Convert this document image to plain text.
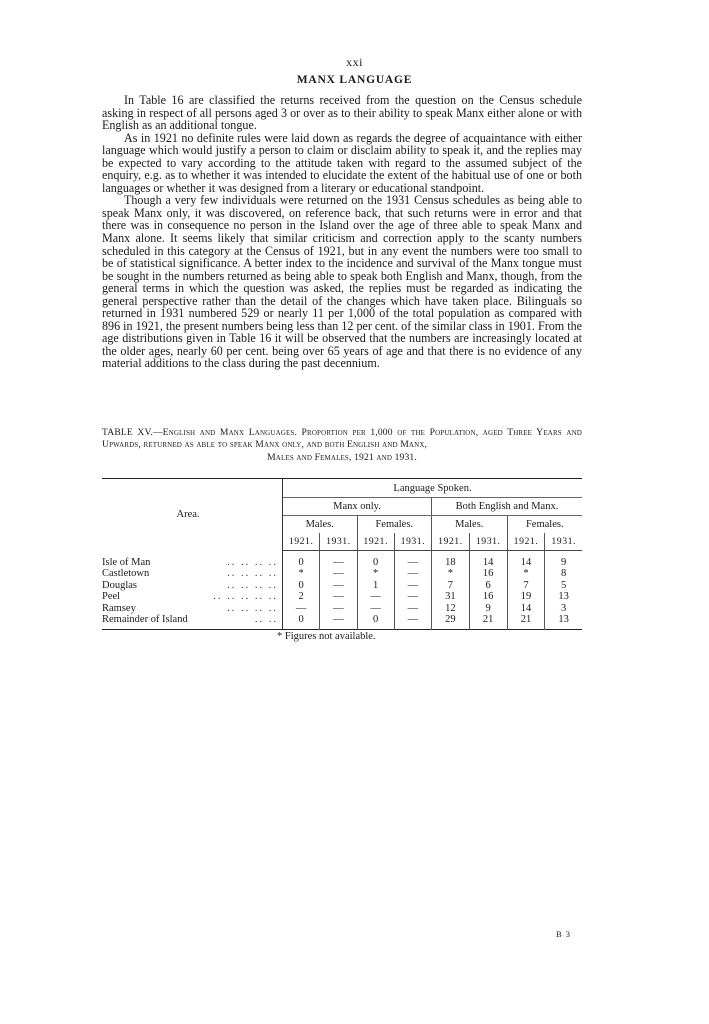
xxi
MANX LANGUAGE

In Table 16 are classified the returns received from the question on the Census schedule asking in respect of all persons aged 3 or over as to their ability to speak Manx either alone or with English as an additional tongue.

As in 1921 no definite rules were laid down as regards the degree of acquaintance with either language which would justify a person to claim or disclaim ability to speak it, and the replies may be expected to vary according to the attitude taken with regard to the assumed subject of the enquiry, e.g. as to whether it was intended to elucidate the extent of the habitual use of one or both languages or whether it was designed from a literary or educational standpoint.

Though a very few individuals were returned on the 1931 Census schedules as being able to speak Manx only, it was discovered, on reference back, that such returns were in error and that there was in consequence no person in the Island over the age of three able to speak Manx and Manx alone. It seems likely that similar criticism and correction apply to the scanty numbers scheduled in this category at the Census of 1921, but in any event the numbers were too small to be of statistical significance. A better index to the incidence and survival of the Manx tongue must be sought in the numbers returned as being able to speak both English and Manx, though, from the general terms in which the question was asked, the replies must be regarded as indicating the general perspective rather than the detail of the changes which have taken place. Bilinguals so returned in 1931 numbered 529 or nearly 11 per 1,000 of the total population as compared with 896 in 1921, the present numbers being less than 12 per cent. of the similar class in 1901. From the age distributions given in Table 16 it will be observed that the numbers are increasingly located at the older ages, nearly 60 per cent. being over 65 years of age and that there is no evidence of any material additions to the class during the past decennium.

TABLE XV.—English and Manx Languages. Proportion per 1,000 of the Population, aged Three Years and Upwards, returned as able to speak Manx only, and both English and Manx,
Males and Females, 1921 and 1931.
Area.	Language Spoken.							
	Manx only.				Both English and Manx.			
	Males.		Females.		Males.		Females.	
	1921.	1931.	1921.	1931.	1921.	1931.	1921.	1931.

Isle of Man .. .. .. ..	0	—	0	—	18	14	14	9
Castletown .. .. .. ..	*	—	*	—	*	16	*	8
Douglas .. .. .. ..	0	—	1	—	7	6	7	5
Peel .. .. .. .. ..	2	—	—	—	31	16	19	13
Ramsey .. .. .. ..	—	—	—	—	12	9	14	3
Remainder of Island .. ..	0	—	0	—	29	21	21	13
* Figures not available.
B 3
